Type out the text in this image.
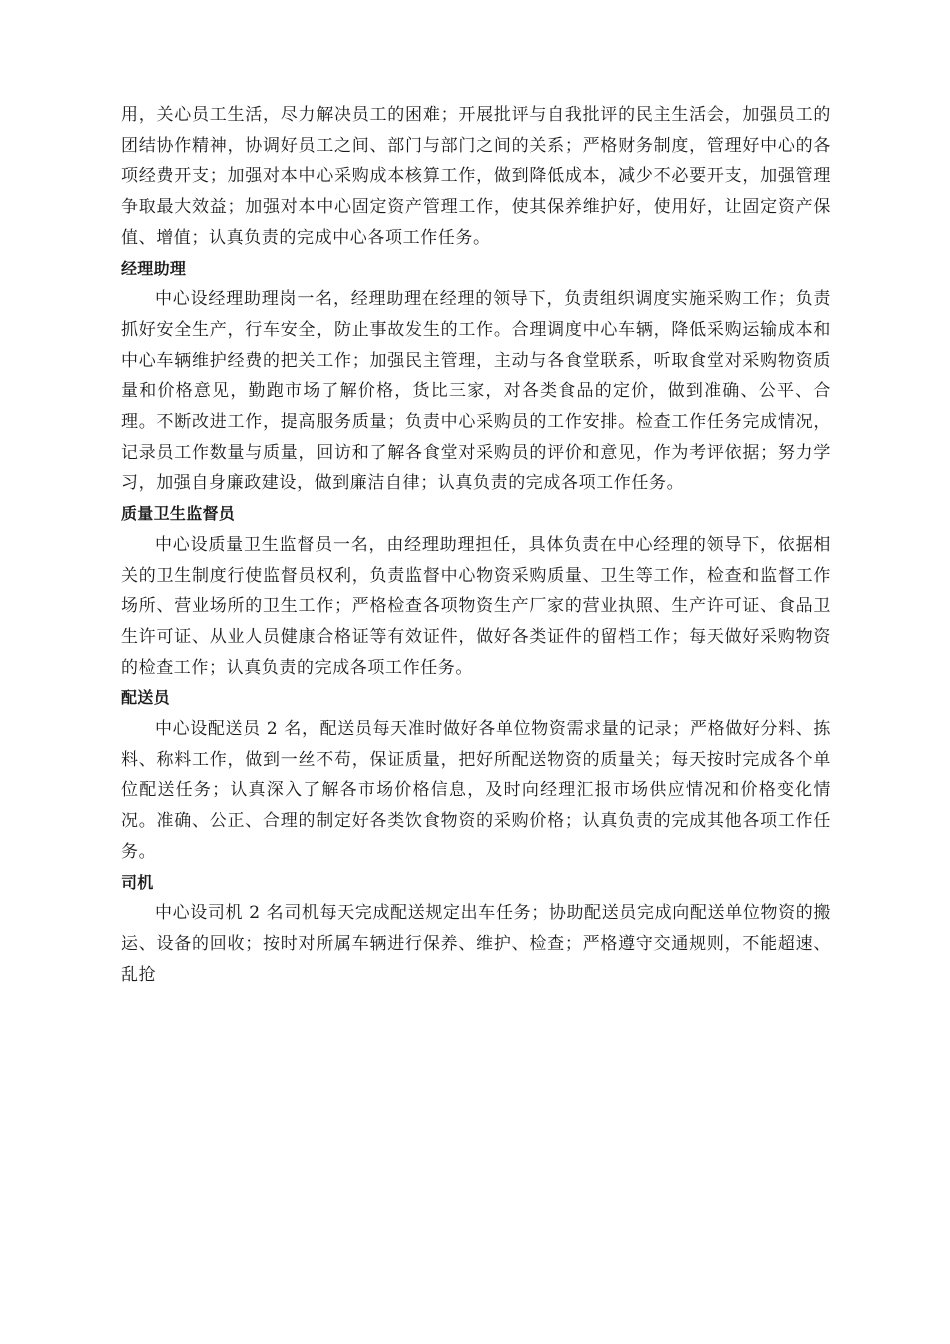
用，关心员工生活，尽力解决员工的困难；开展批评与自我批评的民主生活会，加强员工的团结协作精神，协调好员工之间、部门与部门之间的关系；严格财务制度，管理好中心的各项经费开支；加强对本中心采购成本核算工作，做到降低成本，减少不必要开支，加强管理争取最大效益；加强对本中心固定资产管理工作，使其保养维护好，使用好，让固定资产保值、增值；认真负责的完成中心各项工作任务。

经理助理

中心设经理助理岗一名，经理助理在经理的领导下，负责组织调度实施采购工作；负责抓好安全生产，行车安全，防止事故发生的工作。合理调度中心车辆，降低采购运输成本和中心车辆维护经费的把关工作；加强民主管理，主动与各食堂联系，听取食堂对采购物资质量和价格意见，勤跑市场了解价格，货比三家，对各类食品的定价，做到准确、公平、合理。不断改进工作，提高服务质量；负责中心采购员的工作安排。检查工作任务完成情况，记录员工作数量与质量，回访和了解各食堂对采购员的评价和意见，作为考评依据；努力学习，加强自身廉政建设，做到廉洁自律；认真负责的完成各项工作任务。

质量卫生监督员

中心设质量卫生监督员一名，由经理助理担任，具体负责在中心经理的领导下，依据相关的卫生制度行使监督员权利，负责监督中心物资采购质量、卫生等工作，检查和监督工作场所、营业场所的卫生工作；严格检查各项物资生产厂家的营业执照、生产许可证、食品卫生许可证、从业人员健康合格证等有效证件，做好各类证件的留档工作；每天做好采购物资的检查工作；认真负责的完成各项工作任务。

配送员

中心设配送员 2 名，配送员每天准时做好各单位物资需求量的记录；严格做好分料、拣料、称料工作，做到一丝不苟，保证质量，把好所配送物资的质量关；每天按时完成各个单位配送任务；认真深入了解各市场价格信息，及时向经理汇报市场供应情况和价格变化情况。准确、公正、合理的制定好各类饮食物资的采购价格；认真负责的完成其他各项工作任务。

司机

中心设司机 2 名司机每天完成配送规定出车任务；协助配送员完成向配送单位物资的搬运、设备的回收；按时对所属车辆进行保养、维护、检查；严格遵守交通规则，不能超速、乱抢
